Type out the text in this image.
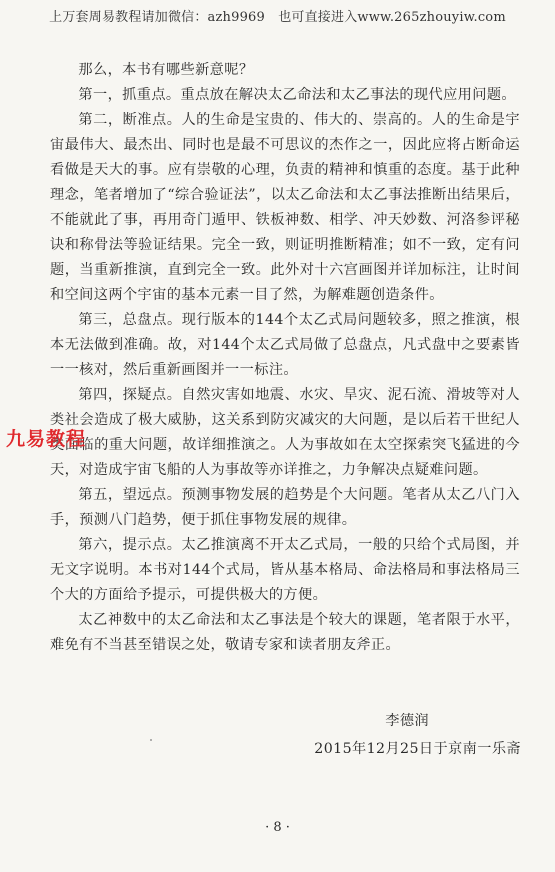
上万套周易教程请加微信：azh9969　也可直接进入www.265zhouyiw.com

那么，本书有哪些新意呢？

第一，抓重点。重点放在解决太乙命法和太乙事法的现代应用问题。

第二，断准点。人的生命是宝贵的、伟大的、崇高的。人的生命是宇宙最伟大、最杰出、同时也是最不可思议的杰作之一，因此应将占断命运看做是天大的事。应有崇敬的心理，负责的精神和慎重的态度。基于此种理念，笔者增加了“综合验证法”，以太乙命法和太乙事法推断出结果后，不能就此了事，再用奇门遁甲、铁板神数、相学、冲天妙数、河洛参评秘诀和称骨法等验证结果。完全一致，则证明推断精准；如不一致，定有问题，当重新推演，直到完全一致。此外对十六宫画图并详加标注，让时间和空间这两个宇宙的基本元素一目了然，为解难题创造条件。

第三，总盘点。现行版本的144个太乙式局问题较多，照之推演，根本无法做到准确。故，对144个太乙式局做了总盘点，凡式盘中之要素皆一一核对，然后重新画图并一一标注。

第四，探疑点。自然灾害如地震、水灾、旱灾、泥石流、滑坡等对人类社会造成了极大威胁，这关系到防灾减灾的大问题，是以后若干世纪人类面临的重大问题，故详细推演之。人为事故如在太空探索突飞猛进的今天，对造成宇宙飞船的人为事故等亦详推之，力争解决点疑难问题。

第五，望远点。预测事物发展的趋势是个大问题。笔者从太乙八门入手，预测八门趋势，便于抓住事物发展的规律。

第六，提示点。太乙推演离不开太乙式局，一般的只给个式局图，并无文字说明。本书对144个式局，皆从基本格局、命法格局和事法格局三个大的方面给予提示，可提供极大的方便。

太乙神数中的太乙命法和太乙事法是个较大的课题，笔者限于水平，难免有不当甚至错误之处，敬请专家和读者朋友斧正。

九易教程
李德润
2015年12月25日于京南一乐斋
· 8 ·
